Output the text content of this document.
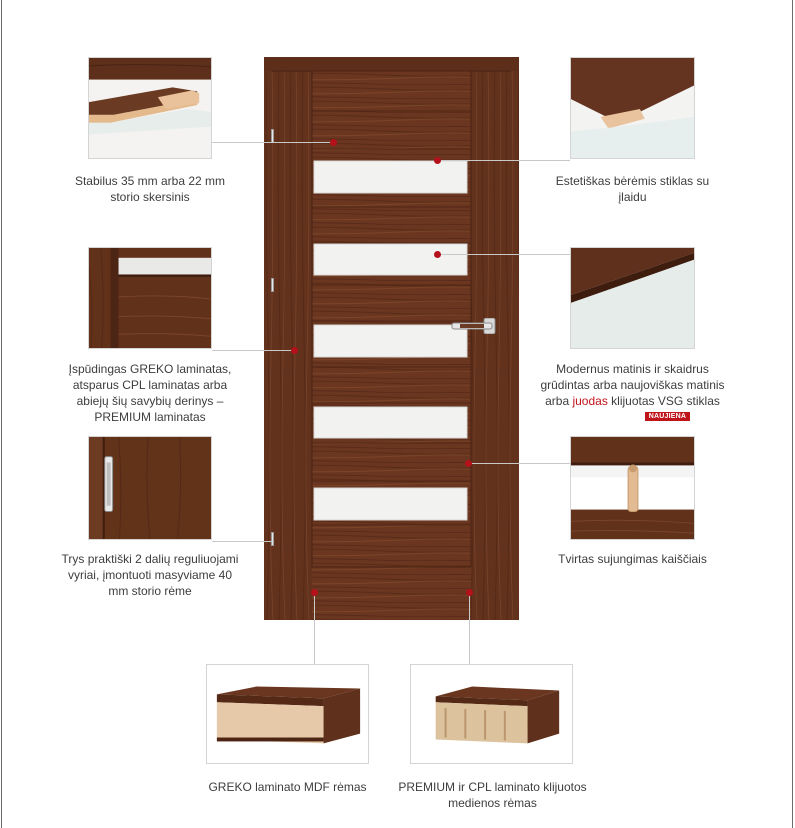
Stabilus 35 mm arba 22 mm
storio skersinis
Estetiškas bėrėmis stiklas su
įlaidu
Įspūdingas GREKO laminatas,
atsparus CPL laminatas arba
abiejų šių savybių derinys –
PREMIUM laminatas
Modernus matinis ir skaidrus
grūdintas arba naujoviškas matinis
arba juodas klijuotas VSG stiklas
NAUJIENA
Trys praktiški 2 dalių reguliuojami
vyriai, įmontuoti masyviame 40
mm storio rėme
Tvirtas sujungimas kaiščiais
GREKO laminato MDF rėmas	PREMIUM ir CPL laminato klijuotos
medienos rėmas
